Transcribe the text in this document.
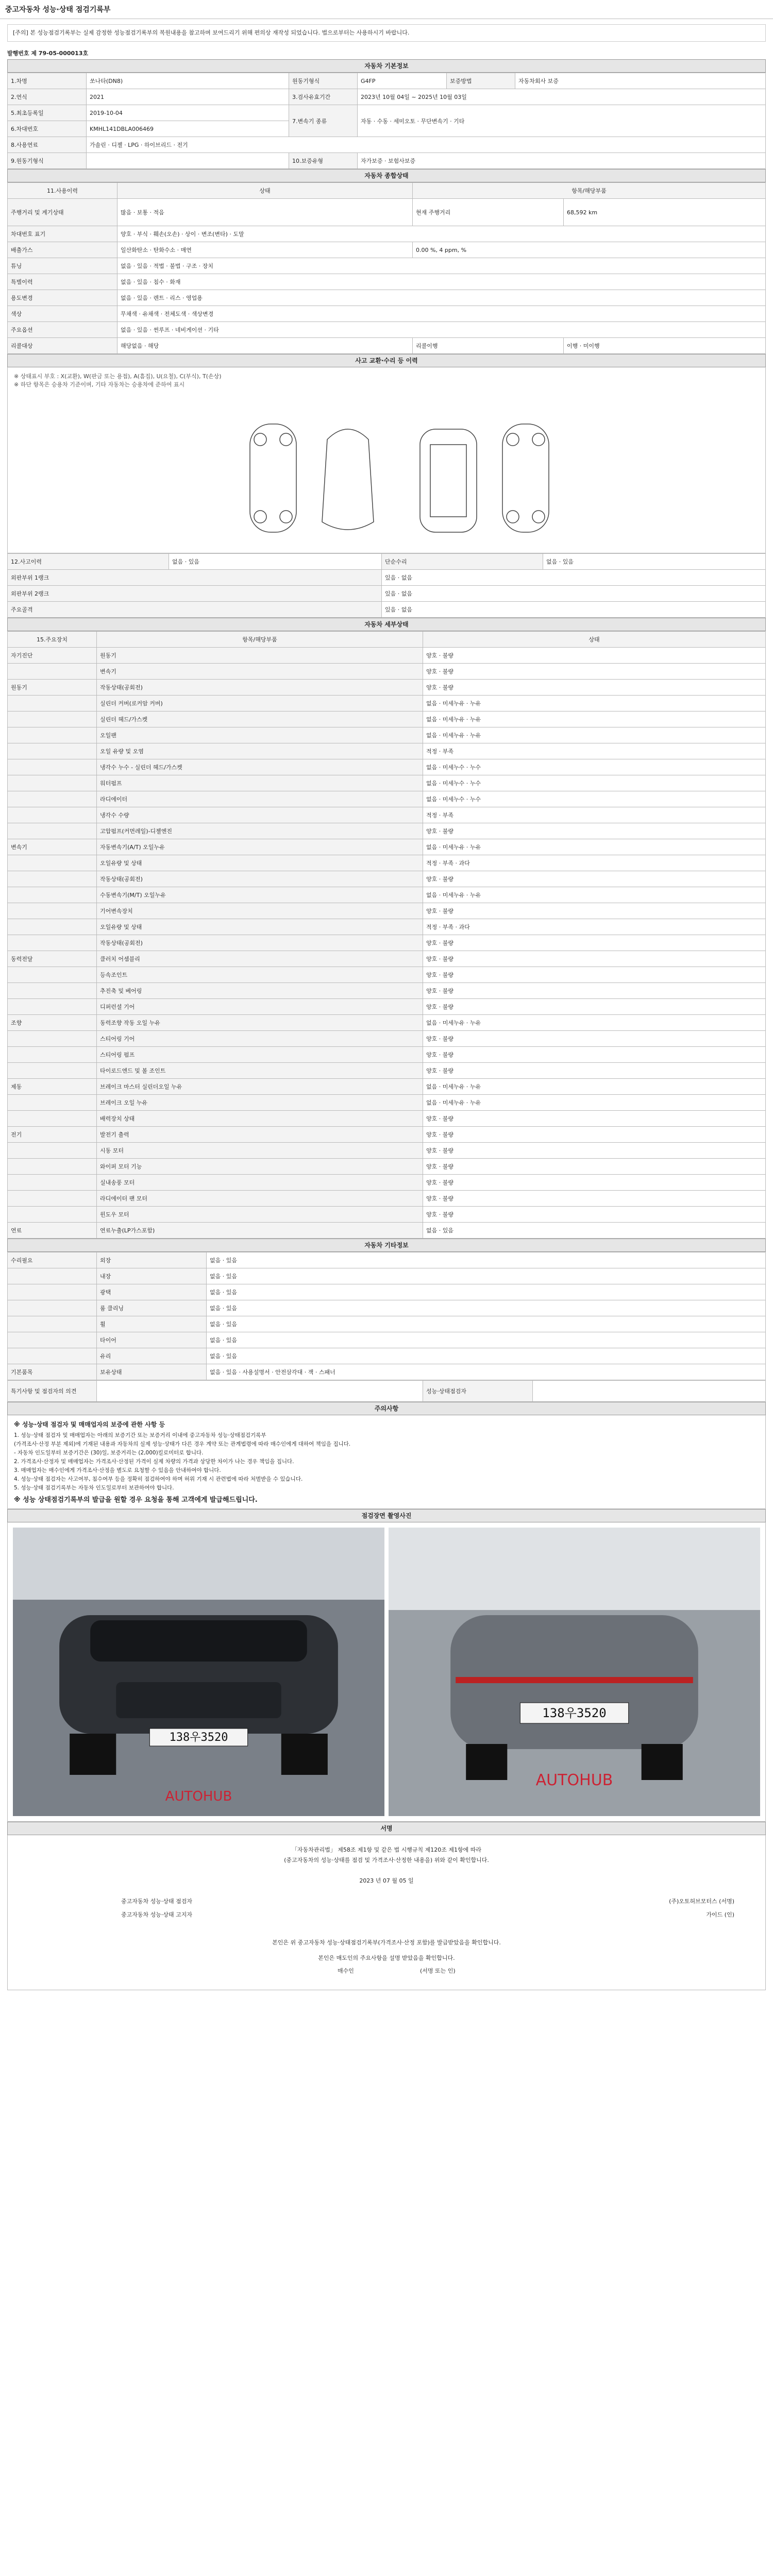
중고자동차 성능·상태 점검기록부
[주의] 본 성능점검기록부는 실제 감정한 성능점검기록부의 복원내용을 참고하며 보여드리기 위해 편의상 재작성 되었습니다. 법으로부터는 사용하시기 바랍니다.
발행번호 제 79-05-000013호
자동차 기본정보
1.차명	쏘나타(DN8)	원동기형식	G4FP	보증방법	자동차회사 보증
2.연식	2021	3.검사유효기간	2023년 10월 04일 ~ 2025년 10월 03일		
5.최초등록일	2019-10-04	7.변속기 종류	자동 · 수동 · 세미오토 · 무단변속기 · 기타		
6.차대번호	KMHL141DBLA006469				
8.사용연료	가솔린 · 디젤 · LPG · 하이브리드 · 전기				
9.원동기형식		10.보증유형	자가보증 · 보험사보증		
자동차 종합상태
11.사용이력	상태	항목/해당부품	
주행거리 및 계기상태	많음 · 보통 · 적음	현재 주행거리	68,592 km
차대번호 표기	양호 · 부식 · 훼손(오손) · 상이 · 변조(변타) · 도말		
배출가스	일산화탄소 · 탄화수소 · 매연	0.00 %, 4 ppm, %	
튜닝	없음 · 있음 · 적법 · 불법 · 구조 · 장치		
특별이력	없음 · 있음 · 침수 · 화재		
용도변경	없음 · 있음 · 렌트 · 리스 · 영업용		
색상	무채색 · 유채색 · 전체도색 · 색상변경		
주요옵션	없음 · 있음 · 썬루프 · 네비게이션 · 기타		
리콜대상	해당없음 · 해당	리콜이행	이행 · 미이행
사고 교환·수리 등 이력
※ 상태표시 부호 : X(교환), W(판금 또는 용접), A(흠집), U(요철), C(부식), T(손상)
※ 하단 항목은 승용차 기준이며, 기타 자동차는 승용차에 준하여 표시
12.사고이력	없음 · 있음	단순수리	없음 · 있음
외판부위 1랭크		있음 · 없음	
외판부위 2랭크		있음 · 없음	
주요골격		있음 · 없음	
자동차 세부상태
15.주요장치	항목/해당부품	상태
자기진단	원동기	양호 · 불량
	변속기	양호 · 불량
원동기	작동상태(공회전)	양호 · 불량
	실린더 커버(로커암 커버)	없음 · 미세누유 · 누유
	실린더 헤드/가스켓	없음 · 미세누유 · 누유
	오일팬	없음 · 미세누유 · 누유
	오일 유량 및 오염	적정 · 부족
	냉각수 누수 - 실린더 헤드/가스켓	없음 · 미세누수 · 누수
	워터펌프	없음 · 미세누수 · 누수
	라디에이터	없음 · 미세누수 · 누수
	냉각수 수량	적정 · 부족
	고압펌프(커먼레일)-디젤엔진	양호 · 불량
변속기	자동변속기(A/T) 오일누유	없음 · 미세누유 · 누유
	오일유량 및 상태	적정 · 부족 · 과다
	작동상태(공회전)	양호 · 불량
	수동변속기(M/T) 오일누유	없음 · 미세누유 · 누유
	기어변속장치	양호 · 불량
	오일유량 및 상태	적정 · 부족 · 과다
	작동상태(공회전)	양호 · 불량
동력전달	클러치 어셈블리	양호 · 불량
	등속조인트	양호 · 불량
	추진축 및 베어링	양호 · 불량
	디퍼런셜 기어	양호 · 불량
조향	동력조향 작동 오일 누유	없음 · 미세누유 · 누유
	스티어링 기어	양호 · 불량
	스티어링 펌프	양호 · 불량
	타이로드엔드 및 볼 조인트	양호 · 불량
제동	브레이크 마스터 실린더오일 누유	없음 · 미세누유 · 누유
	브레이크 오일 누유	없음 · 미세누유 · 누유
	배력장치 상태	양호 · 불량
전기	발전기 출력	양호 · 불량
	시동 모터	양호 · 불량
	와이퍼 모터 기능	양호 · 불량
	실내송풍 모터	양호 · 불량
	라디에이터 팬 모터	양호 · 불량
	윈도우 모터	양호 · 불량
연료	연료누출(LP가스포함)	없음 · 있음
자동차 기타정보
수리필요	외장	없음 · 있음
	내장	없음 · 있음
	광택	없음 · 있음
	룸 클리닝	없음 · 있음
	휠	없음 · 있음
	타이어	없음 · 있음
	유리	없음 · 있음
기본품목	보유상태	없음 · 있음 · 사용설명서 · 안전삼각대 · 잭 · 스패너
특기사항 및 점검자의 의견		성능·상태점검자	
주의사항
※ 성능·상태 점검자 및 매매업자의 보증에 관한 사항 등
1. 성능·상태 점검자 및 매매업자는 아래의 보증기간 또는 보증거리 이내에 중고자동차 성능·상태점검기록부
(가격조사·산정 부분 제외)에 기재된 내용과 자동차의 실제 성능·상태가 다른 경우 계약 또는 관계법령에 따라 매수인에게 대하여 책임을 집니다.
- 자동차 인도일부터 보증기간은 (30)일, 보증거리는 (2,000)킬로미터로 합니다.
2. 가격조사·산정자 및 매매업자는 가격조사·산정된 가격이 실제 차량의 가격과 상당한 차이가 나는 경우 책임을 집니다.
3. 매매업자는 매수인에게 가격조사·산정을 별도로 요청할 수 있음을 안내하여야 합니다.
4. 성능·상태 점검자는 사고여부, 침수여부 등을 정확히 점검하여야 하며 허위 기재 시 관련법에 따라 처벌받을 수 있습니다.
5. 성능·상태 점검기록부는 자동차 인도일로부터 보관하여야 합니다.
※ 성능 상태점검기록부의 발급을 원할 경우 요청을 통해 고객에게 발급해드립니다.
점검장면 촬영사진
138우3520
AUTOHUB
138우3520
AUTOHUB
서명
「자동차관리법」 제58조 제1항 및 같은 법 시행규칙 제120조 제1항에 따라
(중고자동차의 성능·상태를 점검 및 가격조사·산정한 내용을) 위와 같이 확인합니다.
2023 년 07 월 05 일
중고자동차 성능·상태 점검자	(주)오토허브모터스 (서명)
중고자동차 성능·상태 고지자	가이드 (인)
본인은 위 중고자동차 성능·상태점검기록부(가격조사·산정 포함)를 발급받았음을 확인합니다.
본인은 매도인의 주요사항을 설명 받았음을 확인합니다.
매수인	(서명 또는 인)
